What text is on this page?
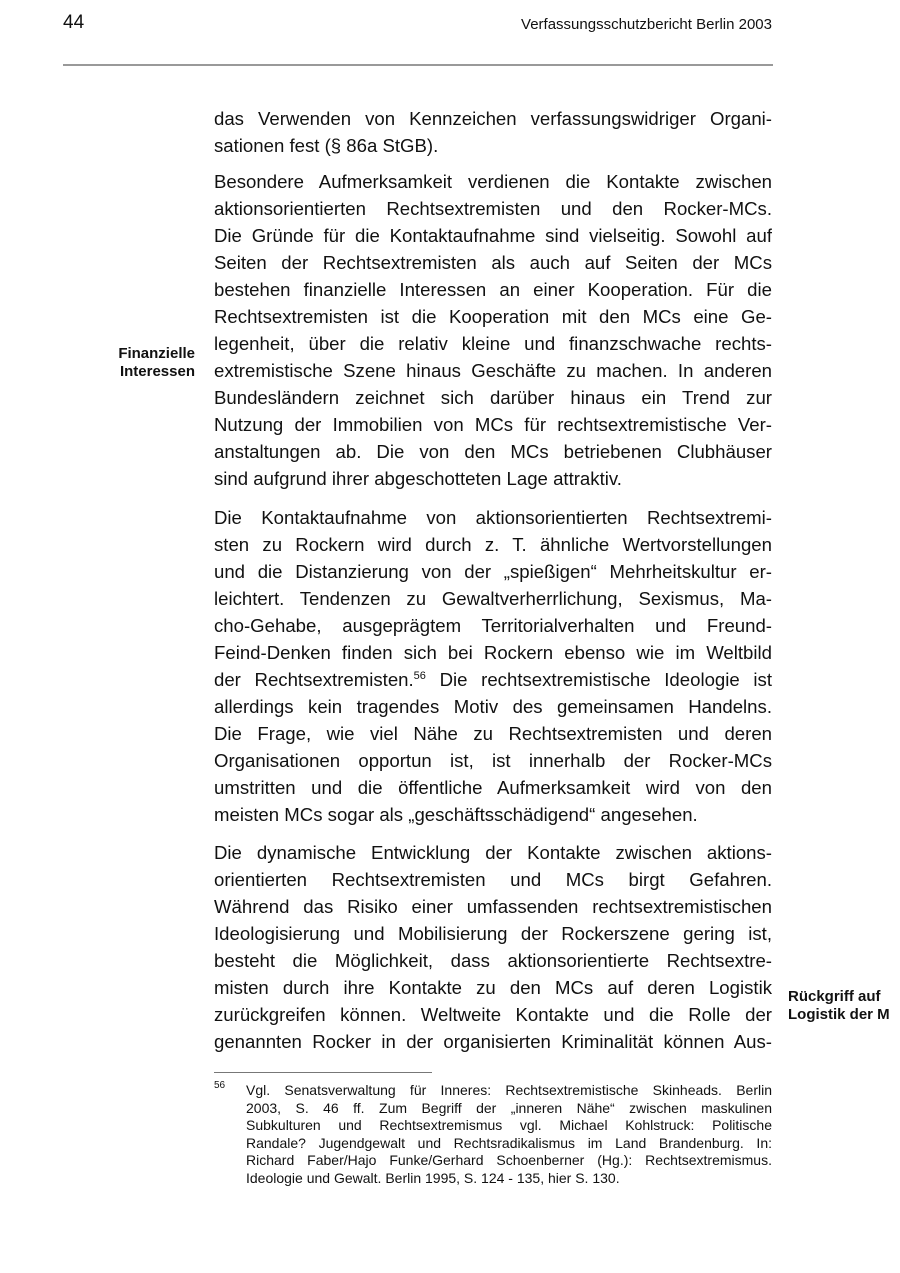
44	Verfassungsschutzbericht Berlin 2003
Finanzielle
Interessen
Rückgriff auf
Logistik der M
das Verwenden von Kennzeichen verfassungswidriger Organi-
sationen fest (§ 86a StGB).
Besondere Aufmerksamkeit verdienen die Kontakte zwischen
aktionsorientierten Rechtsextremisten und den Rocker-MCs.
Die Gründe für die Kontaktaufnahme sind vielseitig. Sowohl auf
Seiten der Rechtsextremisten als auch auf Seiten der MCs
bestehen finanzielle Interessen an einer Kooperation. Für die
Rechtsextremisten ist die Kooperation mit den MCs eine Ge-
legenheit, über die relativ kleine und finanzschwache rechts-
extremistische Szene hinaus Geschäfte zu machen. In anderen
Bundesländern zeichnet sich darüber hinaus ein Trend zur
Nutzung der Immobilien von MCs für rechtsextremistische Ver-
anstaltungen ab. Die von den MCs betriebenen Clubhäuser
sind aufgrund ihrer abgeschotteten Lage attraktiv.
Die Kontaktaufnahme von aktionsorientierten Rechtsextremi-
sten zu Rockern wird durch z. T. ähnliche Wertvorstellungen
und die Distanzierung von der „spießigen“ Mehrheitskultur er-
leichtert. Tendenzen zu Gewaltverherrlichung, Sexismus, Ma-
cho-Gehabe, ausgeprägtem Territorialverhalten und Freund-
Feind-Denken finden sich bei Rockern ebenso wie im Weltbild
der Rechtsextremisten.$^{56}$ Die rechtsextremistische Ideologie ist
allerdings kein tragendes Motiv des gemeinsamen Handelns.
Die Frage, wie viel Nähe zu Rechtsextremisten und deren
Organisationen opportun ist, ist innerhalb der Rocker-MCs
umstritten und die öffentliche Aufmerksamkeit wird von den
meisten MCs sogar als „geschäftsschädigend“ angesehen.
Die dynamische Entwicklung der Kontakte zwischen aktions-
orientierten Rechtsextremisten und MCs birgt Gefahren.
Während das Risiko einer umfassenden rechtsextremistischen
Ideologisierung und Mobilisierung der Rockerszene gering ist,
besteht die Möglichkeit, dass aktionsorientierte Rechtsextre-
misten durch ihre Kontakte zu den MCs auf deren Logistik
zurückgreifen können. Weltweite Kontakte und die Rolle der
genannten Rocker in der organisierten Kriminalität können Aus-
56 Vgl. Senatsverwaltung für Inneres: Rechtsextremistische Skinheads. Berlin
2003, S. 46 ff. Zum Begriff der „inneren Nähe“ zwischen maskulinen
Subkulturen und Rechtsextremismus vgl. Michael Kohlstruck: Politische
Randale? Jugendgewalt und Rechtsradikalismus im Land Brandenburg. In:
Richard Faber/Hajo Funke/Gerhard Schoenberner (Hg.): Rechtsextremismus.
Ideologie und Gewalt. Berlin 1995, S. 124 - 135, hier S. 130.
